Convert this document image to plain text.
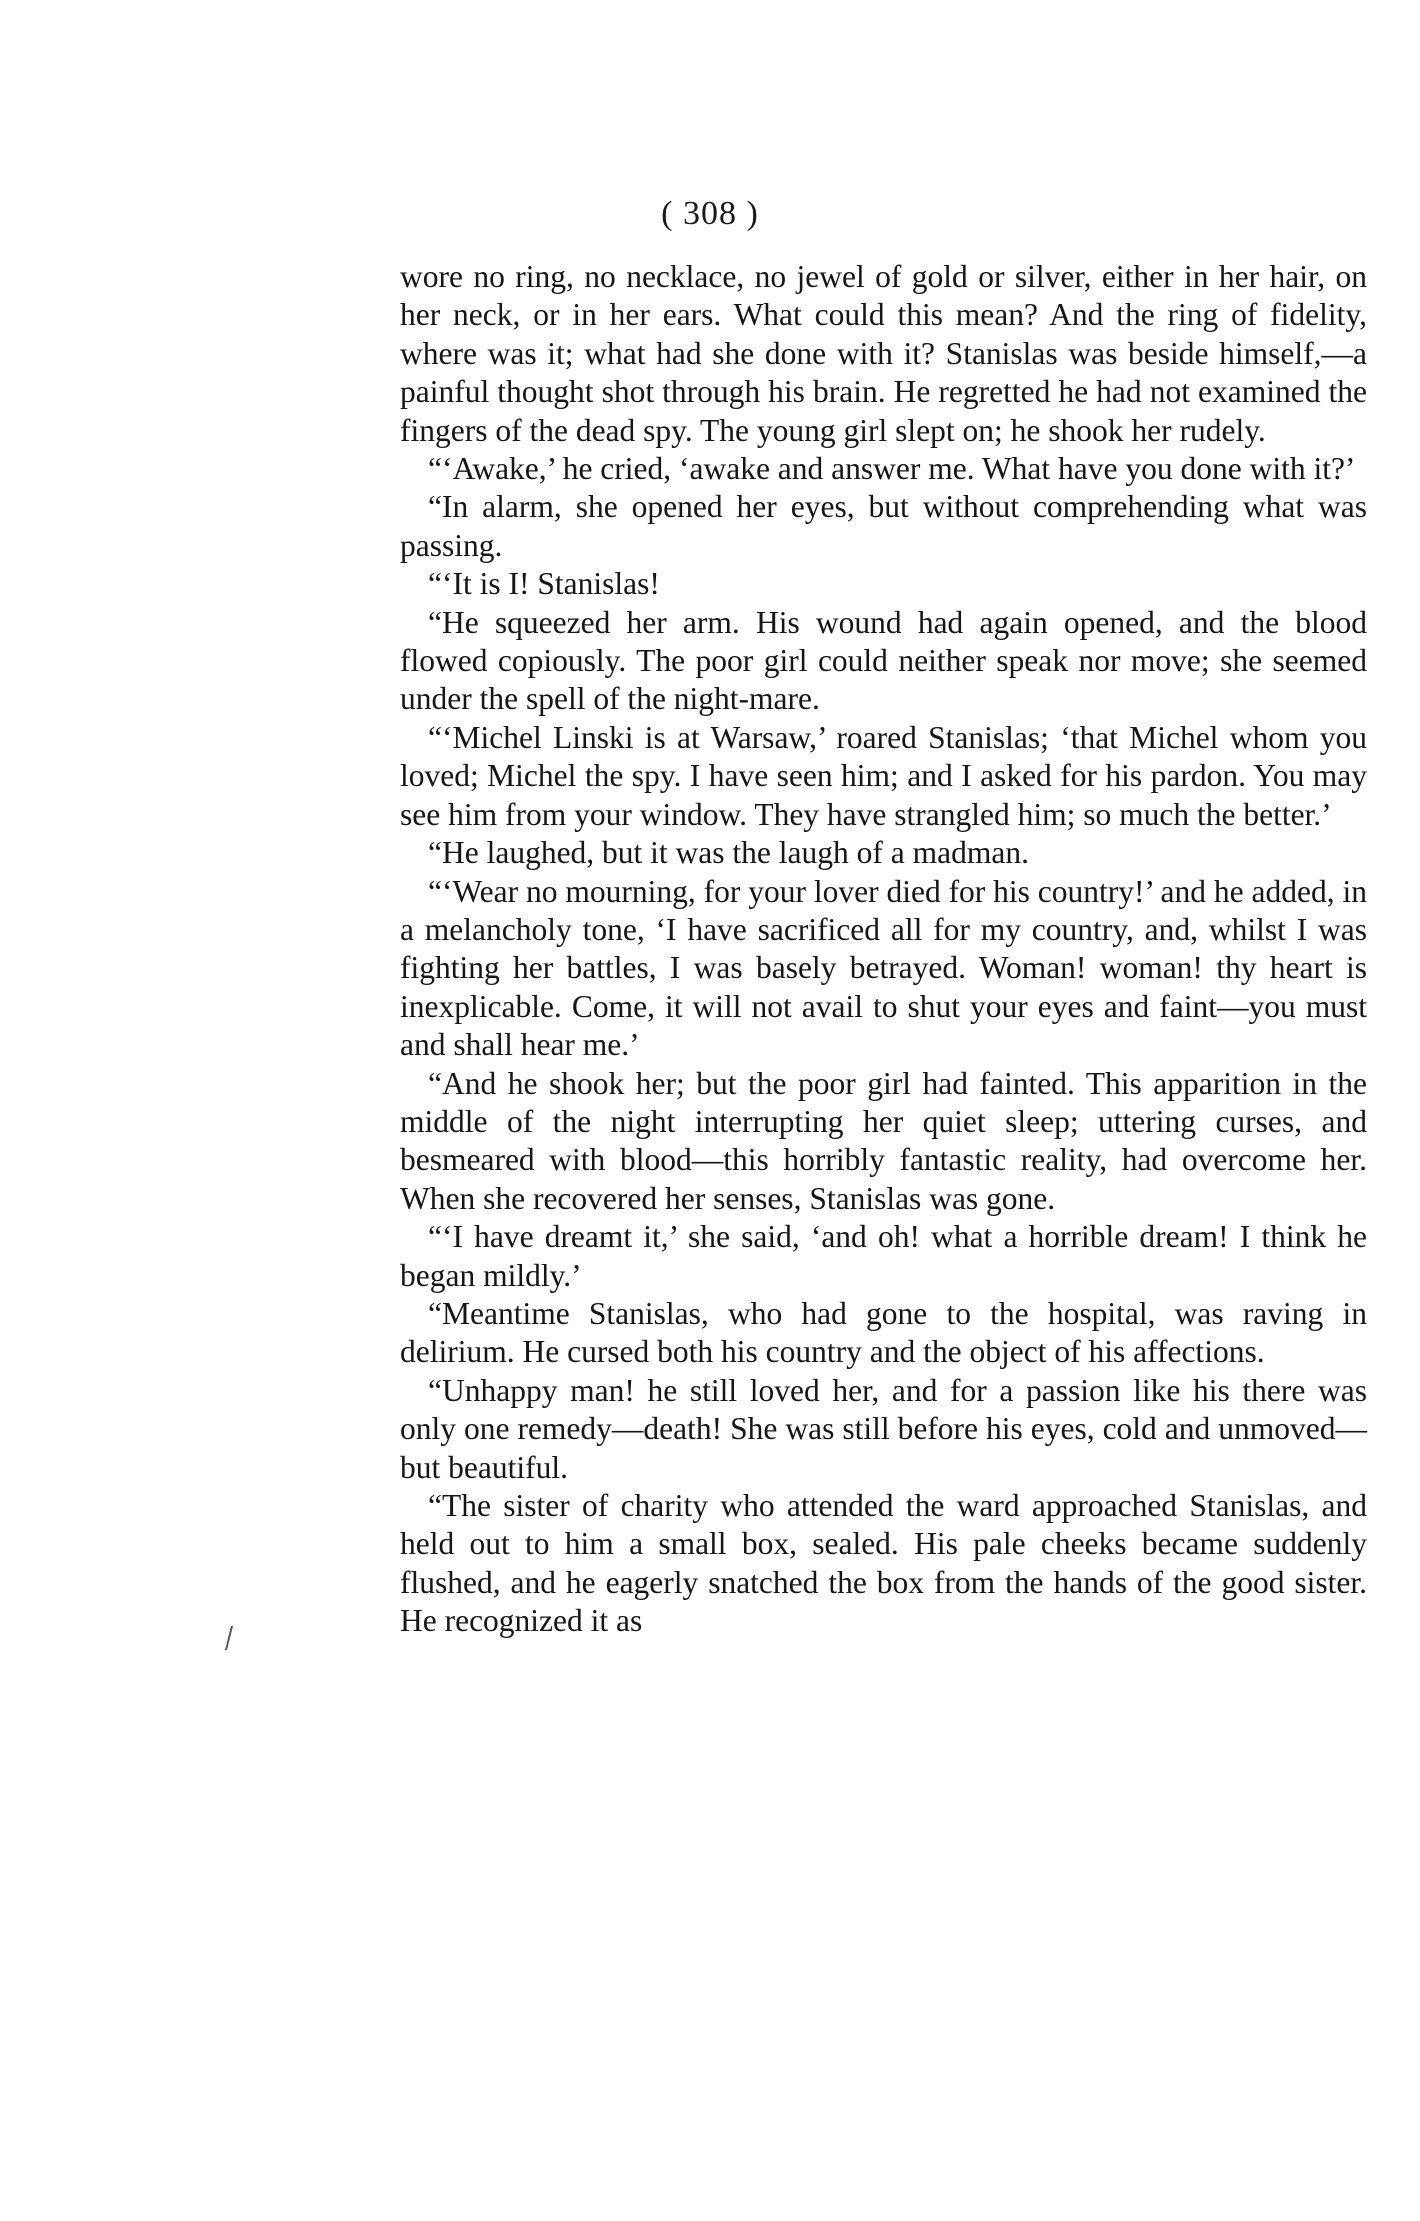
( 308 )

wore no ring, no necklace, no jewel of gold or silver, either in her hair, on her neck, or in her ears. What could this mean? And the ring of fidelity, where was it; what had she done with it? Stanislas was beside himself,—a painful thought shot through his brain. He regretted he had not examined the fingers of the dead spy. The young girl slept on; he shook her rudely.

“‘Awake,’ he cried, ‘awake and answer me. What have you done with it?’

“In alarm, she opened her eyes, but without comprehending what was passing.

“‘It is I! Stanislas!

“He squeezed her arm. His wound had again opened, and the blood flowed copiously. The poor girl could neither speak nor move; she seemed under the spell of the night-mare.

“‘Michel Linski is at Warsaw,’ roared Stanislas; ‘that Michel whom you loved; Michel the spy. I have seen him; and I asked for his pardon. You may see him from your window. They have strangled him; so much the better.’

“He laughed, but it was the laugh of a madman.

“‘Wear no mourning, for your lover died for his country!’ and he added, in a melancholy tone, ‘I have sacrificed all for my country, and, whilst I was fighting her battles, I was basely betrayed. Woman! woman! thy heart is inexplicable. Come, it will not avail to shut your eyes and faint—you must and shall hear me.’

“And he shook her; but the poor girl had fainted. This apparition in the middle of the night interrupting her quiet sleep; uttering curses, and besmeared with blood—this horribly fantastic reality, had overcome her. When she recovered her senses, Stanislas was gone.

“‘I have dreamt it,’ she said, ‘and oh! what a horrible dream! I think he began mildly.’

“Meantime Stanislas, who had gone to the hospital, was raving in delirium. He cursed both his country and the object of his affections.

“Unhappy man! he still loved her, and for a passion like his there was only one remedy—death! She was still before his eyes, cold and unmoved—but beautiful.

“The sister of charity who attended the ward approached Stanislas, and held out to him a small box, sealed. His pale cheeks became suddenly flushed, and he eagerly snatched the box from the hands of the good sister. He recognized it as
